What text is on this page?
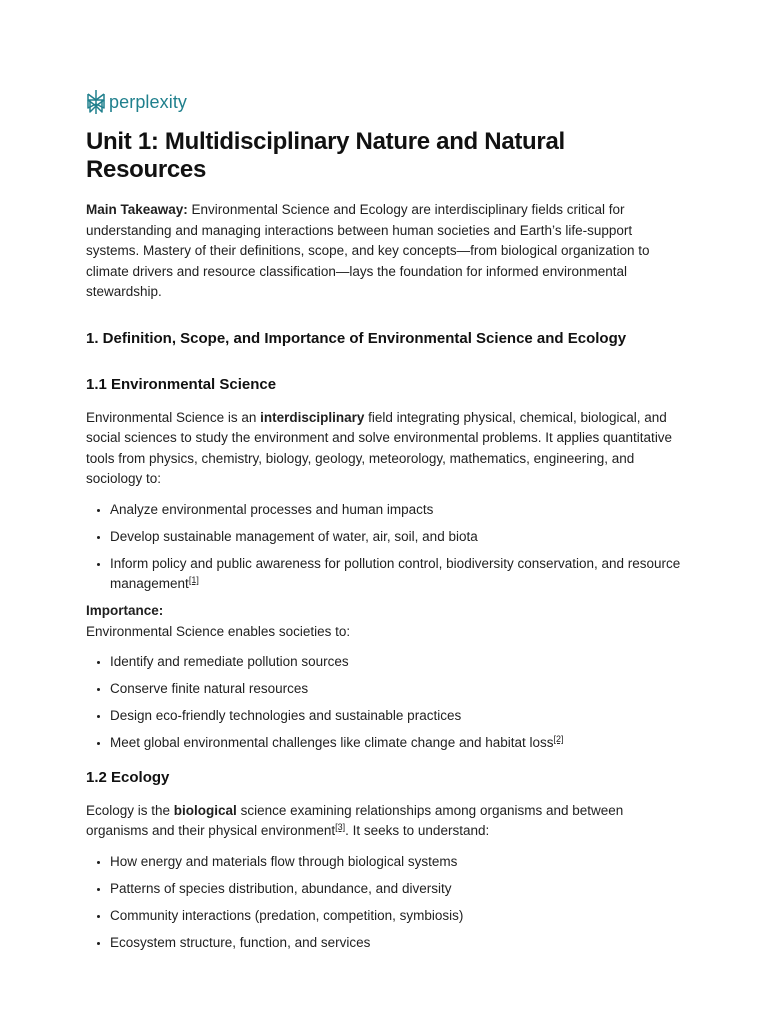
perplexity
Unit 1: Multidisciplinary Nature and Natural Resources

Main Takeaway: Environmental Science and Ecology are interdisciplinary fields critical for understanding and managing interactions between human societies and Earth’s life-support systems. Mastery of their definitions, scope, and key concepts—from biological organization to climate drivers and resource classification—lays the foundation for informed environmental stewardship.

1. Definition, Scope, and Importance of Environmental Science and Ecology
1.1 Environmental Science

Environmental Science is an interdisciplinary field integrating physical, chemical, biological, and social sciences to study the environment and solve environmental problems. It applies quantitative tools from physics, chemistry, biology, geology, meteorology, mathematics, engineering, and sociology to:

• Analyze environmental processes and human impacts
• Develop sustainable management of water, air, soil, and biota
• Inform policy and public awareness for pollution control, biodiversity conservation, and resource management[1]

Importance:

Environmental Science enables societies to:

• Identify and remediate pollution sources
• Conserve finite natural resources
• Design eco-friendly technologies and sustainable practices
• Meet global environmental challenges like climate change and habitat loss[2]
1.2 Ecology

Ecology is the biological science examining relationships among organisms and between organisms and their physical environment[3]. It seeks to understand:

• How energy and materials flow through biological systems
• Patterns of species distribution, abundance, and diversity
• Community interactions (predation, competition, symbiosis)
• Ecosystem structure, function, and services
